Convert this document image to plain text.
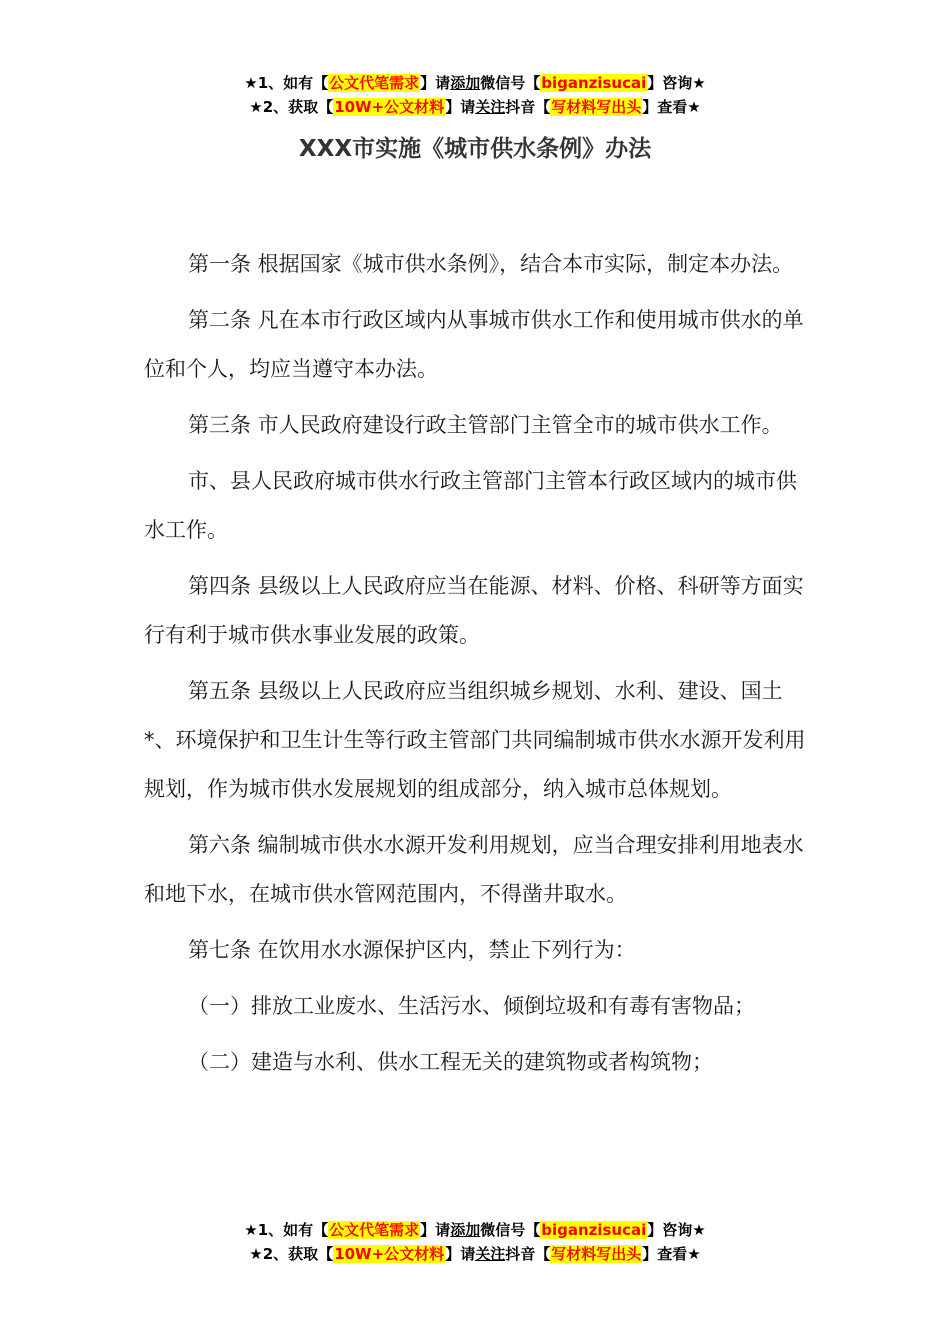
★1、如有【公文代笔需求】请添加微信号【biganzisucai】咨询★
★2、获取【10W+公文材料】请关注抖音【写材料写出头】查看★
XXX市实施《城市供水条例》办法

第一条 根据国家《城市供水条例》，结合本市实际，制定本办法。

第二条 凡在本市行政区域内从事城市供水工作和使用城市供水的单位和个人，均应当遵守本办法。

第三条 市人民政府建设行政主管部门主管全市的城市供水工作。

市、县人民政府城市供水行政主管部门主管本行政区域内的城市供水工作。

第四条 县级以上人民政府应当在能源、材料、价格、科研等方面实行有利于城市供水事业发展的政策。

第五条 县级以上人民政府应当组织城乡规划、水利、建设、国土*、环境保护和卫生计生等行政主管部门共同编制城市供水水源开发利用规划，作为城市供水发展规划的组成部分，纳入城市总体规划。

第六条 编制城市供水水源开发利用规划，应当合理安排利用地表水和地下水，在城市供水管网范围内，不得凿井取水。

第七条 在饮用水水源保护区内，禁止下列行为：

（一）排放工业废水、生活污水、倾倒垃圾和有毒有害物品；

（二）建造与水利、供水工程无关的建筑物或者构筑物；

★1、如有【公文代笔需求】请添加微信号【biganzisucai】咨询★
★2、获取【10W+公文材料】请关注抖音【写材料写出头】查看★
